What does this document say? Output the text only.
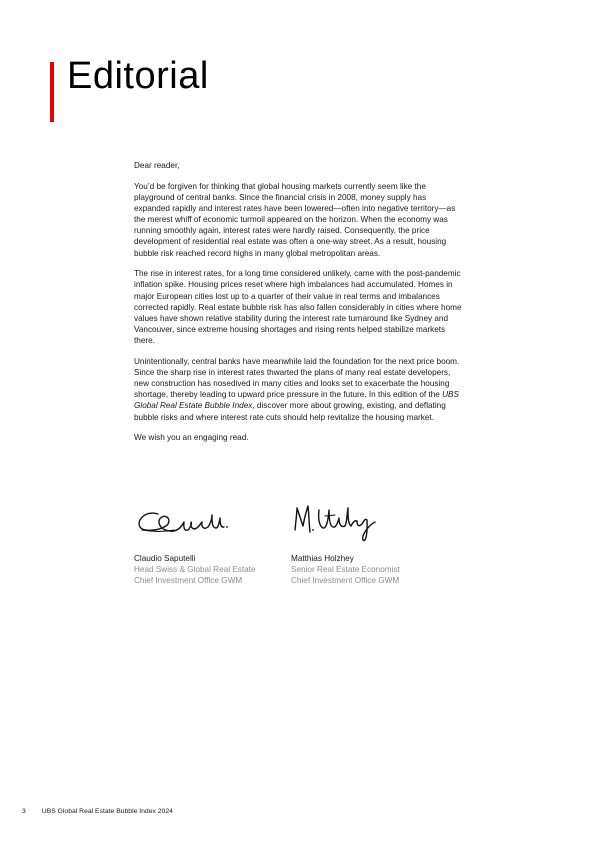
Editorial

Dear reader,

You’d be forgiven for thinking that global housing markets currently seem like the playground of central banks. Since the financial crisis in 2008, money supply has expanded rapidly and interest rates have been lowered—often into negative territory—as the merest whiff of economic turmoil appeared on the horizon. When the economy was running smoothly again, interest rates were hardly raised. Consequently, the price development of residential real estate was often a one-way street. As a result, housing bubble risk reached record highs in many global metropolitan areas.

The rise in interest rates, for a long time considered unlikely, came with the post-pandemic inflation spike. Housing prices reset where high imbalances had accumulated. Homes in major European cities lost up to a quarter of their value in real terms and imbalances corrected rapidly. Real estate bubble risk has also fallen considerably in cities where home values have shown relative stability during the interest rate turnaround like Sydney and Vancouver, since extreme housing shortages and rising rents helped stabilize markets there.

Unintentionally, central banks have meanwhile laid the foundation for the next price boom. Since the sharp rise in interest rates thwarted the plans of many real estate developers, new construction has nosedived in many cities and looks set to exacerbate the housing shortage, thereby leading to upward price pressure in the future. In this edition of the UBS Global Real Estate Bubble Index, discover more about growing, existing, and deflating bubble risks and where interest rate cuts should help revitalize the housing market.

We wish you an engaging read.

Claudio Saputelli
Head Swiss & Global Real Estate
Chief Investment Office GWM
Matthias Holzhey
Senior Real Estate Economist
Chief Investment Office GWM
3 UBS Global Real Estate Bubble Index 2024
